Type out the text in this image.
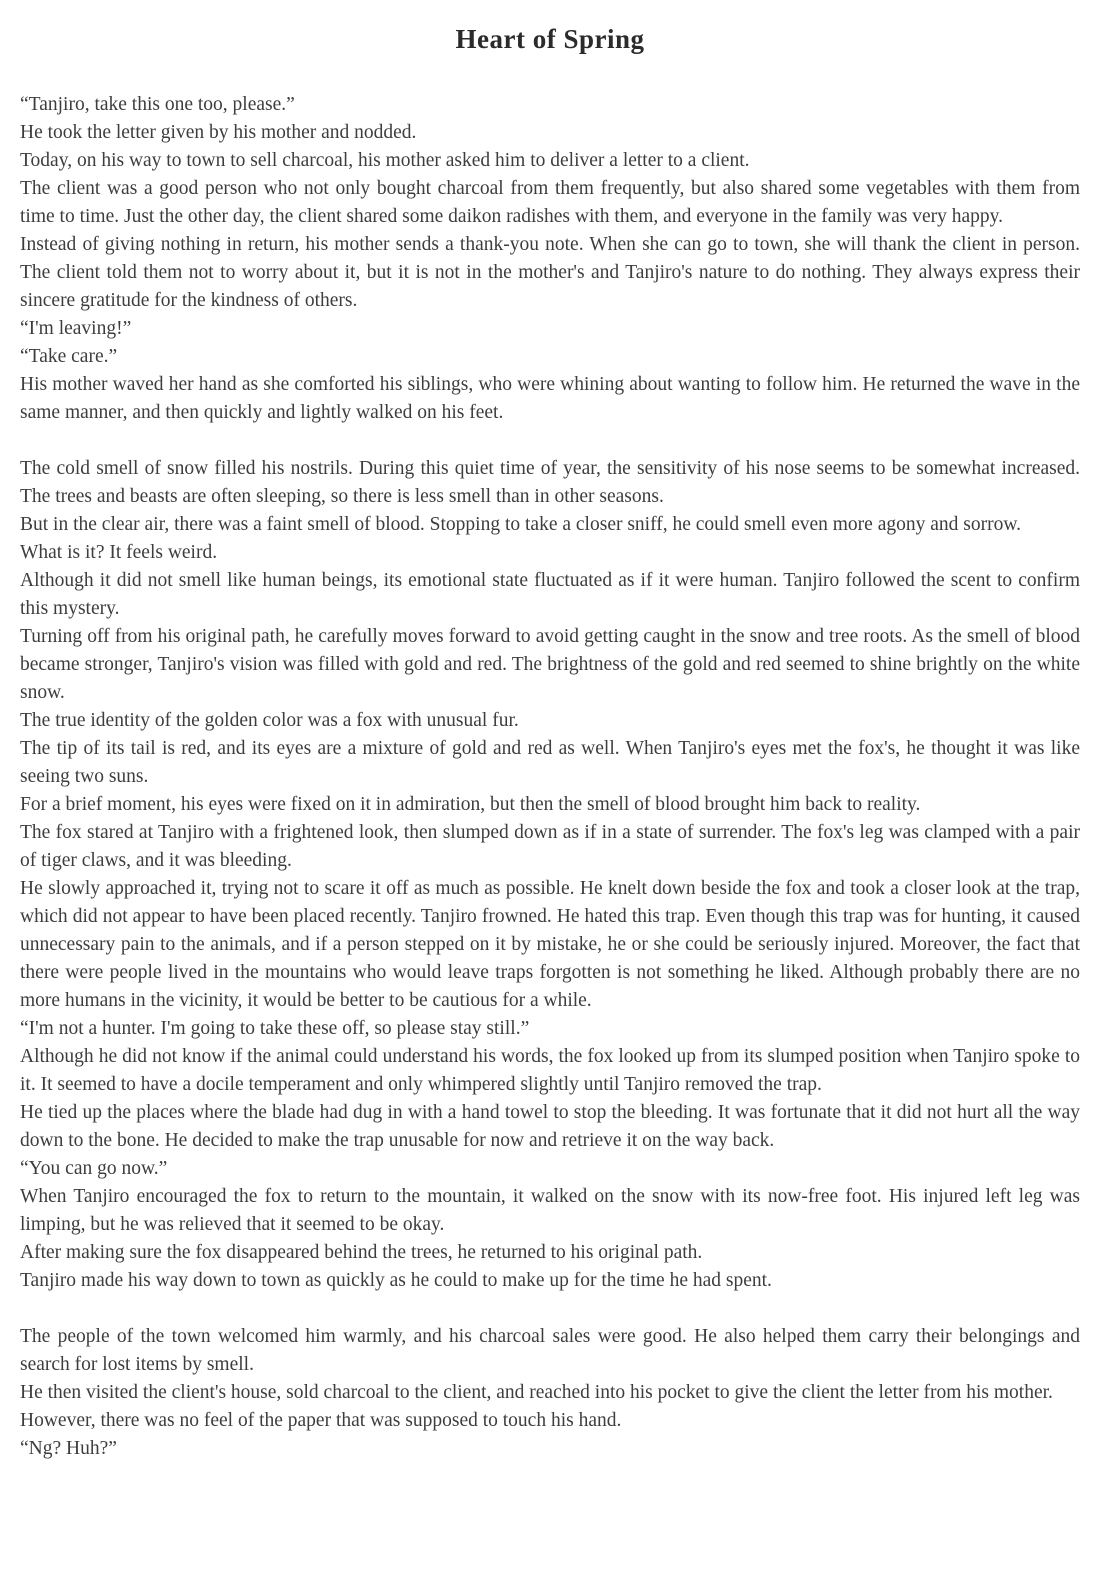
Heart of Spring

“Tanjiro, take this one too, please.”

He took the letter given by his mother and nodded.

Today, on his way to town to sell charcoal, his mother asked him to deliver a letter to a client.

The client was a good person who not only bought charcoal from them frequently, but also shared some vegetables with them from time to time. Just the other day, the client shared some daikon radishes with them, and everyone in the family was very happy.

Instead of giving nothing in return, his mother sends a thank-you note. When she can go to town, she will thank the client in person. The client told them not to worry about it, but it is not in the mother's and Tanjiro's nature to do nothing. They always express their sincere gratitude for the kindness of others.

“I'm leaving!”

“Take care.”

His mother waved her hand as she comforted his siblings, who were whining about wanting to follow him. He returned the wave in the same manner, and then quickly and lightly walked on his feet.

The cold smell of snow filled his nostrils. During this quiet time of year, the sensitivity of his nose seems to be somewhat increased. The trees and beasts are often sleeping, so there is less smell than in other seasons.

But in the clear air, there was a faint smell of blood. Stopping to take a closer sniff, he could smell even more agony and sorrow.

What is it? It feels weird.

Although it did not smell like human beings, its emotional state fluctuated as if it were human. Tanjiro followed the scent to confirm this mystery.

Turning off from his original path, he carefully moves forward to avoid getting caught in the snow and tree roots. As the smell of blood became stronger, Tanjiro's vision was filled with gold and red. The brightness of the gold and red seemed to shine brightly on the white snow.

The true identity of the golden color was a fox with unusual fur.

The tip of its tail is red, and its eyes are a mixture of gold and red as well. When Tanjiro's eyes met the fox's, he thought it was like seeing two suns.

For a brief moment, his eyes were fixed on it in admiration, but then the smell of blood brought him back to reality.

The fox stared at Tanjiro with a frightened look, then slumped down as if in a state of surrender. The fox's leg was clamped with a pair of tiger claws, and it was bleeding.

He slowly approached it, trying not to scare it off as much as possible. He knelt down beside the fox and took a closer look at the trap, which did not appear to have been placed recently. Tanjiro frowned. He hated this trap. Even though this trap was for hunting, it caused unnecessary pain to the animals, and if a person stepped on it by mistake, he or she could be seriously injured. Moreover, the fact that there were people lived in the mountains who would leave traps forgotten is not something he liked. Although probably there are no more humans in the vicinity, it would be better to be cautious for a while.

“I'm not a hunter. I'm going to take these off, so please stay still.”

Although he did not know if the animal could understand his words, the fox looked up from its slumped position when Tanjiro spoke to it. It seemed to have a docile temperament and only whimpered slightly until Tanjiro removed the trap.

He tied up the places where the blade had dug in with a hand towel to stop the bleeding. It was fortunate that it did not hurt all the way down to the bone. He decided to make the trap unusable for now and retrieve it on the way back.

“You can go now.”

When Tanjiro encouraged the fox to return to the mountain, it walked on the snow with its now-free foot. His injured left leg was limping, but he was relieved that it seemed to be okay.

After making sure the fox disappeared behind the trees, he returned to his original path.

Tanjiro made his way down to town as quickly as he could to make up for the time he had spent.

The people of the town welcomed him warmly, and his charcoal sales were good. He also helped them carry their belongings and search for lost items by smell.

He then visited the client's house, sold charcoal to the client, and reached into his pocket to give the client the letter from his mother.

However, there was no feel of the paper that was supposed to touch his hand.

“Ng? Huh?”
